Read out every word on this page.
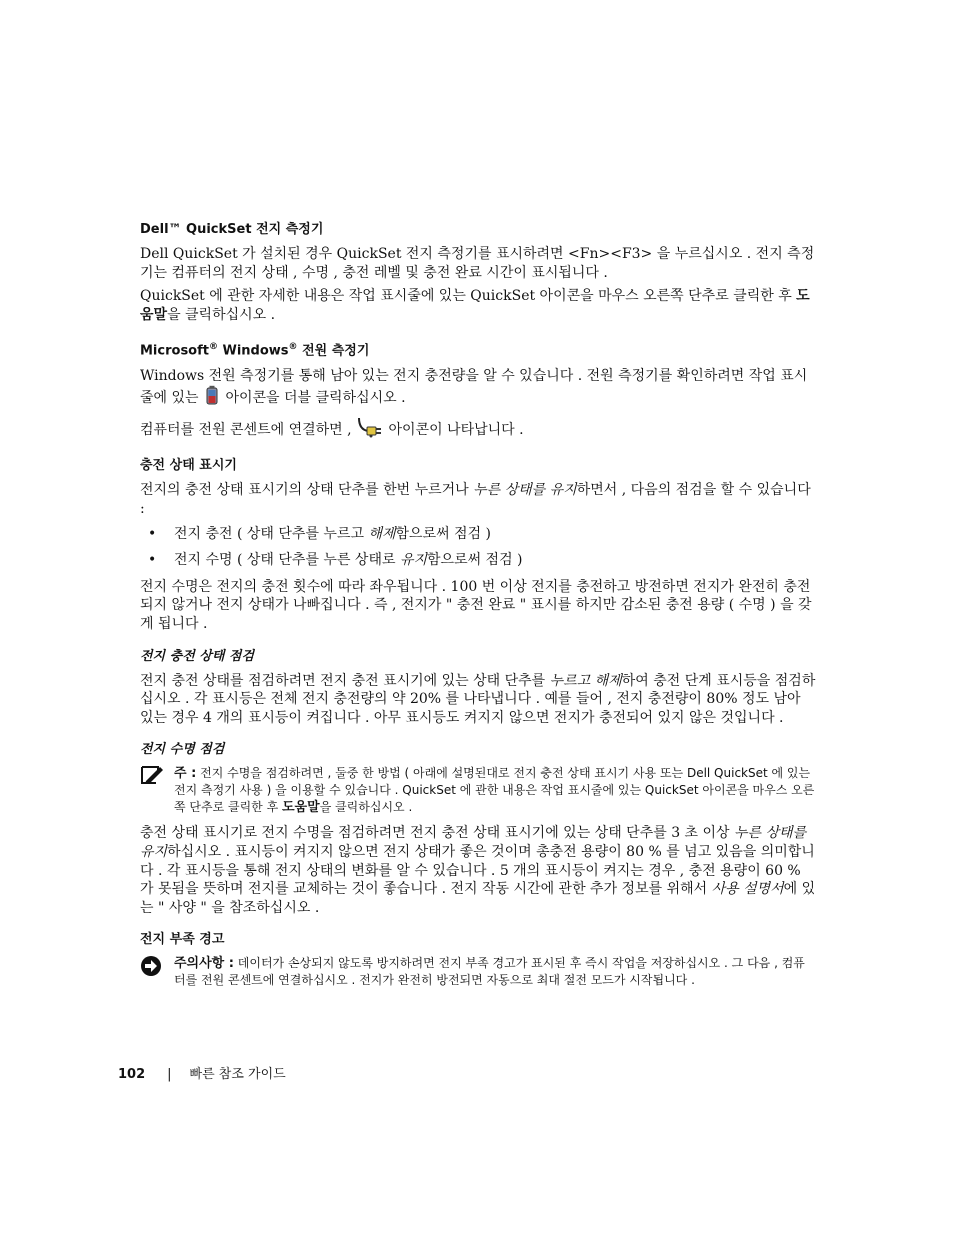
Dell™ QuickSet 전지 측정기

Dell QuickSet 가 설치된 경우 QuickSet 전지 측정기를 표시하려면 <Fn><F3> 을 누르십시오 . 전지 측정기는 컴퓨터의 전지 상태 , 수명 , 충전 레벨 및 충전 완료 시간이 표시됩니다 .

QuickSet 에 관한 자세한 내용은 작업 표시줄에 있는 QuickSet 아이콘을 마우스 오른쪽 단추로 클릭한 후 도움말을 클릭하십시오 .

Microsoft® Windows® 전원 측정기

Windows 전원 측정기를 통해 남아 있는 전지 충전량을 알 수 있습니다 . 전원 측정기를 확인하려면 작업 표시줄에 있는  아이콘을 더블 클릭하십시오 .

컴퓨터를 전원 콘센트에 연결하면 ,  아이콘이 나타납니다 .

충전 상태 표시기

전지의 충전 상태 표시기의 상태 단추를 한번 누르거나 누른 상태를 유지하면서 , 다음의 점검을 할 수 있습니다 :

•	전지 충전 ( 상태 단추를 누르고 해제함으로써 점검 )
•	전지 수명 ( 상태 단추를 누른 상태로 유지함으로써 점검 )

전지 수명은 전지의 충전 횟수에 따라 좌우됩니다 . 100 번 이상 전지를 충전하고 방전하면 전지가 완전히 충전되지 않거나 전지 상태가 나빠집니다 . 즉 , 전지가 " 충전 완료 " 표시를 하지만 감소된 충전 용량 ( 수명 ) 을 갖게 됩니다 .

전지 충전 상태 점검

전지 충전 상태를 점검하려면 전지 충전 표시기에 있는 상태 단추를 누르고 해제하여 충전 단계 표시등을 점검하십시오 . 각 표시등은 전체 전지 충전량의 약 20% 를 나타냅니다 . 예를 들어 , 전지 충전량이 80% 정도 남아 있는 경우 4 개의 표시등이 켜집니다 . 아무 표시등도 켜지지 않으면 전지가 충전되어 있지 않은 것입니다 .

전지 수명 점검
주 : 전지 수명을 점검하려면 , 둘중 한 방법 ( 아래에 설명된대로 전지 충전 상태 표시기 사용 또는 Dell QuickSet 에 있는 전지 측정기 사용 ) 을 이용할 수 있습니다 . QuickSet 에 관한 내용은 작업 표시줄에 있는 QuickSet 아이콘을 마우스 오른쪽 단추로 클릭한 후 도움말을 클릭하십시오 .

충전 상태 표시기로 전지 수명을 점검하려면 전지 충전 상태 표시기에 있는 상태 단추를 3 초 이상 누른 상태를 유지하십시오 . 표시등이 켜지지 않으면 전지 상태가 좋은 것이며 총충전 용량이 80 % 를 넘고 있음을 의미합니다 . 각 표시등을 통해 전지 상태의 변화를 알 수 있습니다 . 5 개의 표시등이 켜지는 경우 , 충전 용량이 60 % 가 못됨을 뜻하며 전지를 교체하는 것이 좋습니다 . 전지 작동 시간에 관한 추가 정보를 위해서 사용 설명서에 있는 " 사양 " 을 참조하십시오 .

전지 부족 경고
주의사항 : 데이터가 손상되지 않도록 방지하려면 전지 부족 경고가 표시된 후 즉시 작업을 저장하십시오 . 그 다음 , 컴퓨터를 전원 콘센트에 연결하십시오 . 전지가 완전히 방전되면 자동으로 최대 절전 모드가 시작됩니다 .
102 | 빠른 참조 가이드
